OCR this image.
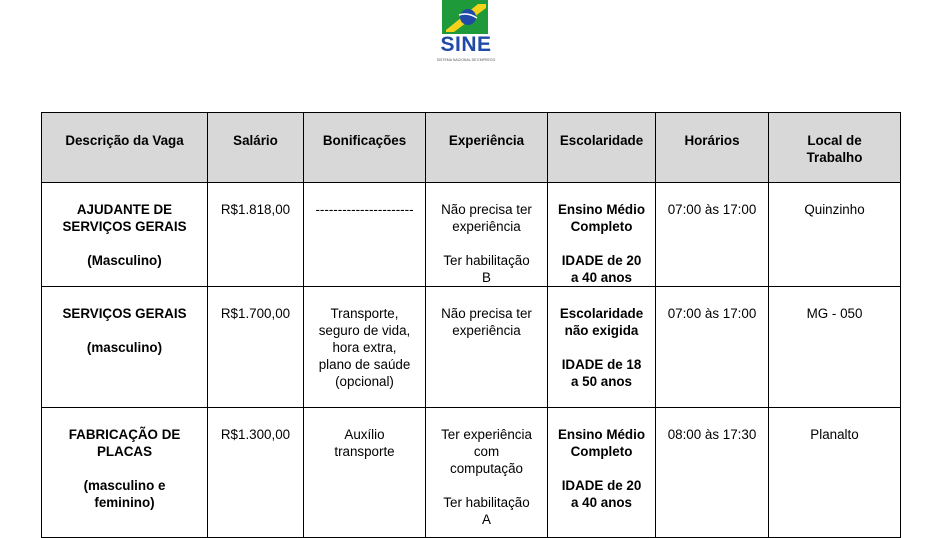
SINE
SISTEMA NACIONAL DE EMPREGO
Descrição da Vaga	Salário	Bonificações	Experiência	Escolaridade	Horários	Local de
Trabalho
AJUDANTE DE
SERVIÇOS GERAIS
(Masculino)	R$1.818,00	----------------------	Não precisa ter
experiência
Ter habilitação
B	Ensino Médio
Completo
IDADE de 20
a 40 anos	07:00 às 17:00	Quinzinho
SERVIÇOS GERAIS
(masculino)	R$1.700,00	Transporte,
seguro de vida,
hora extra,
plano de saúde
(opcional)	Não precisa ter
experiência	Escolaridade
não exigida
IDADE de 18
a 50 anos	07:00 às 17:00	MG - 050
FABRICAÇÃO DE
PLACAS
(masculino e
feminino)	R$1.300,00	Auxílio
transporte	Ter experiência
com
computação
Ter habilitação
A	Ensino Médio
Completo
IDADE de 20
a 40 anos	08:00 às 17:30	Planalto
